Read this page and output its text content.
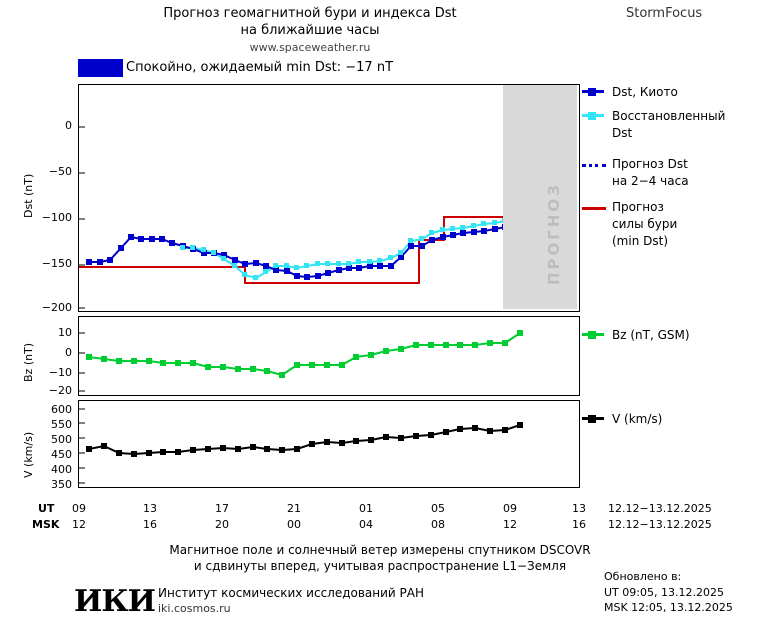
Прогноз геомагнитной бури и индекса Dst
на ближайшие часы
www.spaceweather.ru
StormFocus
Спокойно, ожидаемый min Dst: −17 nT
ПРОГНОЗ
Dst (nT)
0
−50
−100
−150
−200
Bz (nT)
10
0
−10
−20
V (km/s)
600
550
500
450
400
350
Dst, Киото
Восстановленный
Dst
Прогноз Dst
на 2−4 часа
Прогноз
силы бури
(min Dst)
Bz (nT, GSM)
V (km/s)
UT
MSK
09	13	17	21	01	05	09	13
12	16	20	00	04	08	12	16
12.12−13.12.2025
12.12−13.12.2025
Магнитное поле и солнечный ветер измерены спутником DSCOVR
и сдвинуты вперед, учитывая распространение L1−Земля
ИКИ Институт космических исследований РАН
iki.cosmos.ru
Обновлено в:
UT 09:05, 13.12.2025
MSK 12:05, 13.12.2025
